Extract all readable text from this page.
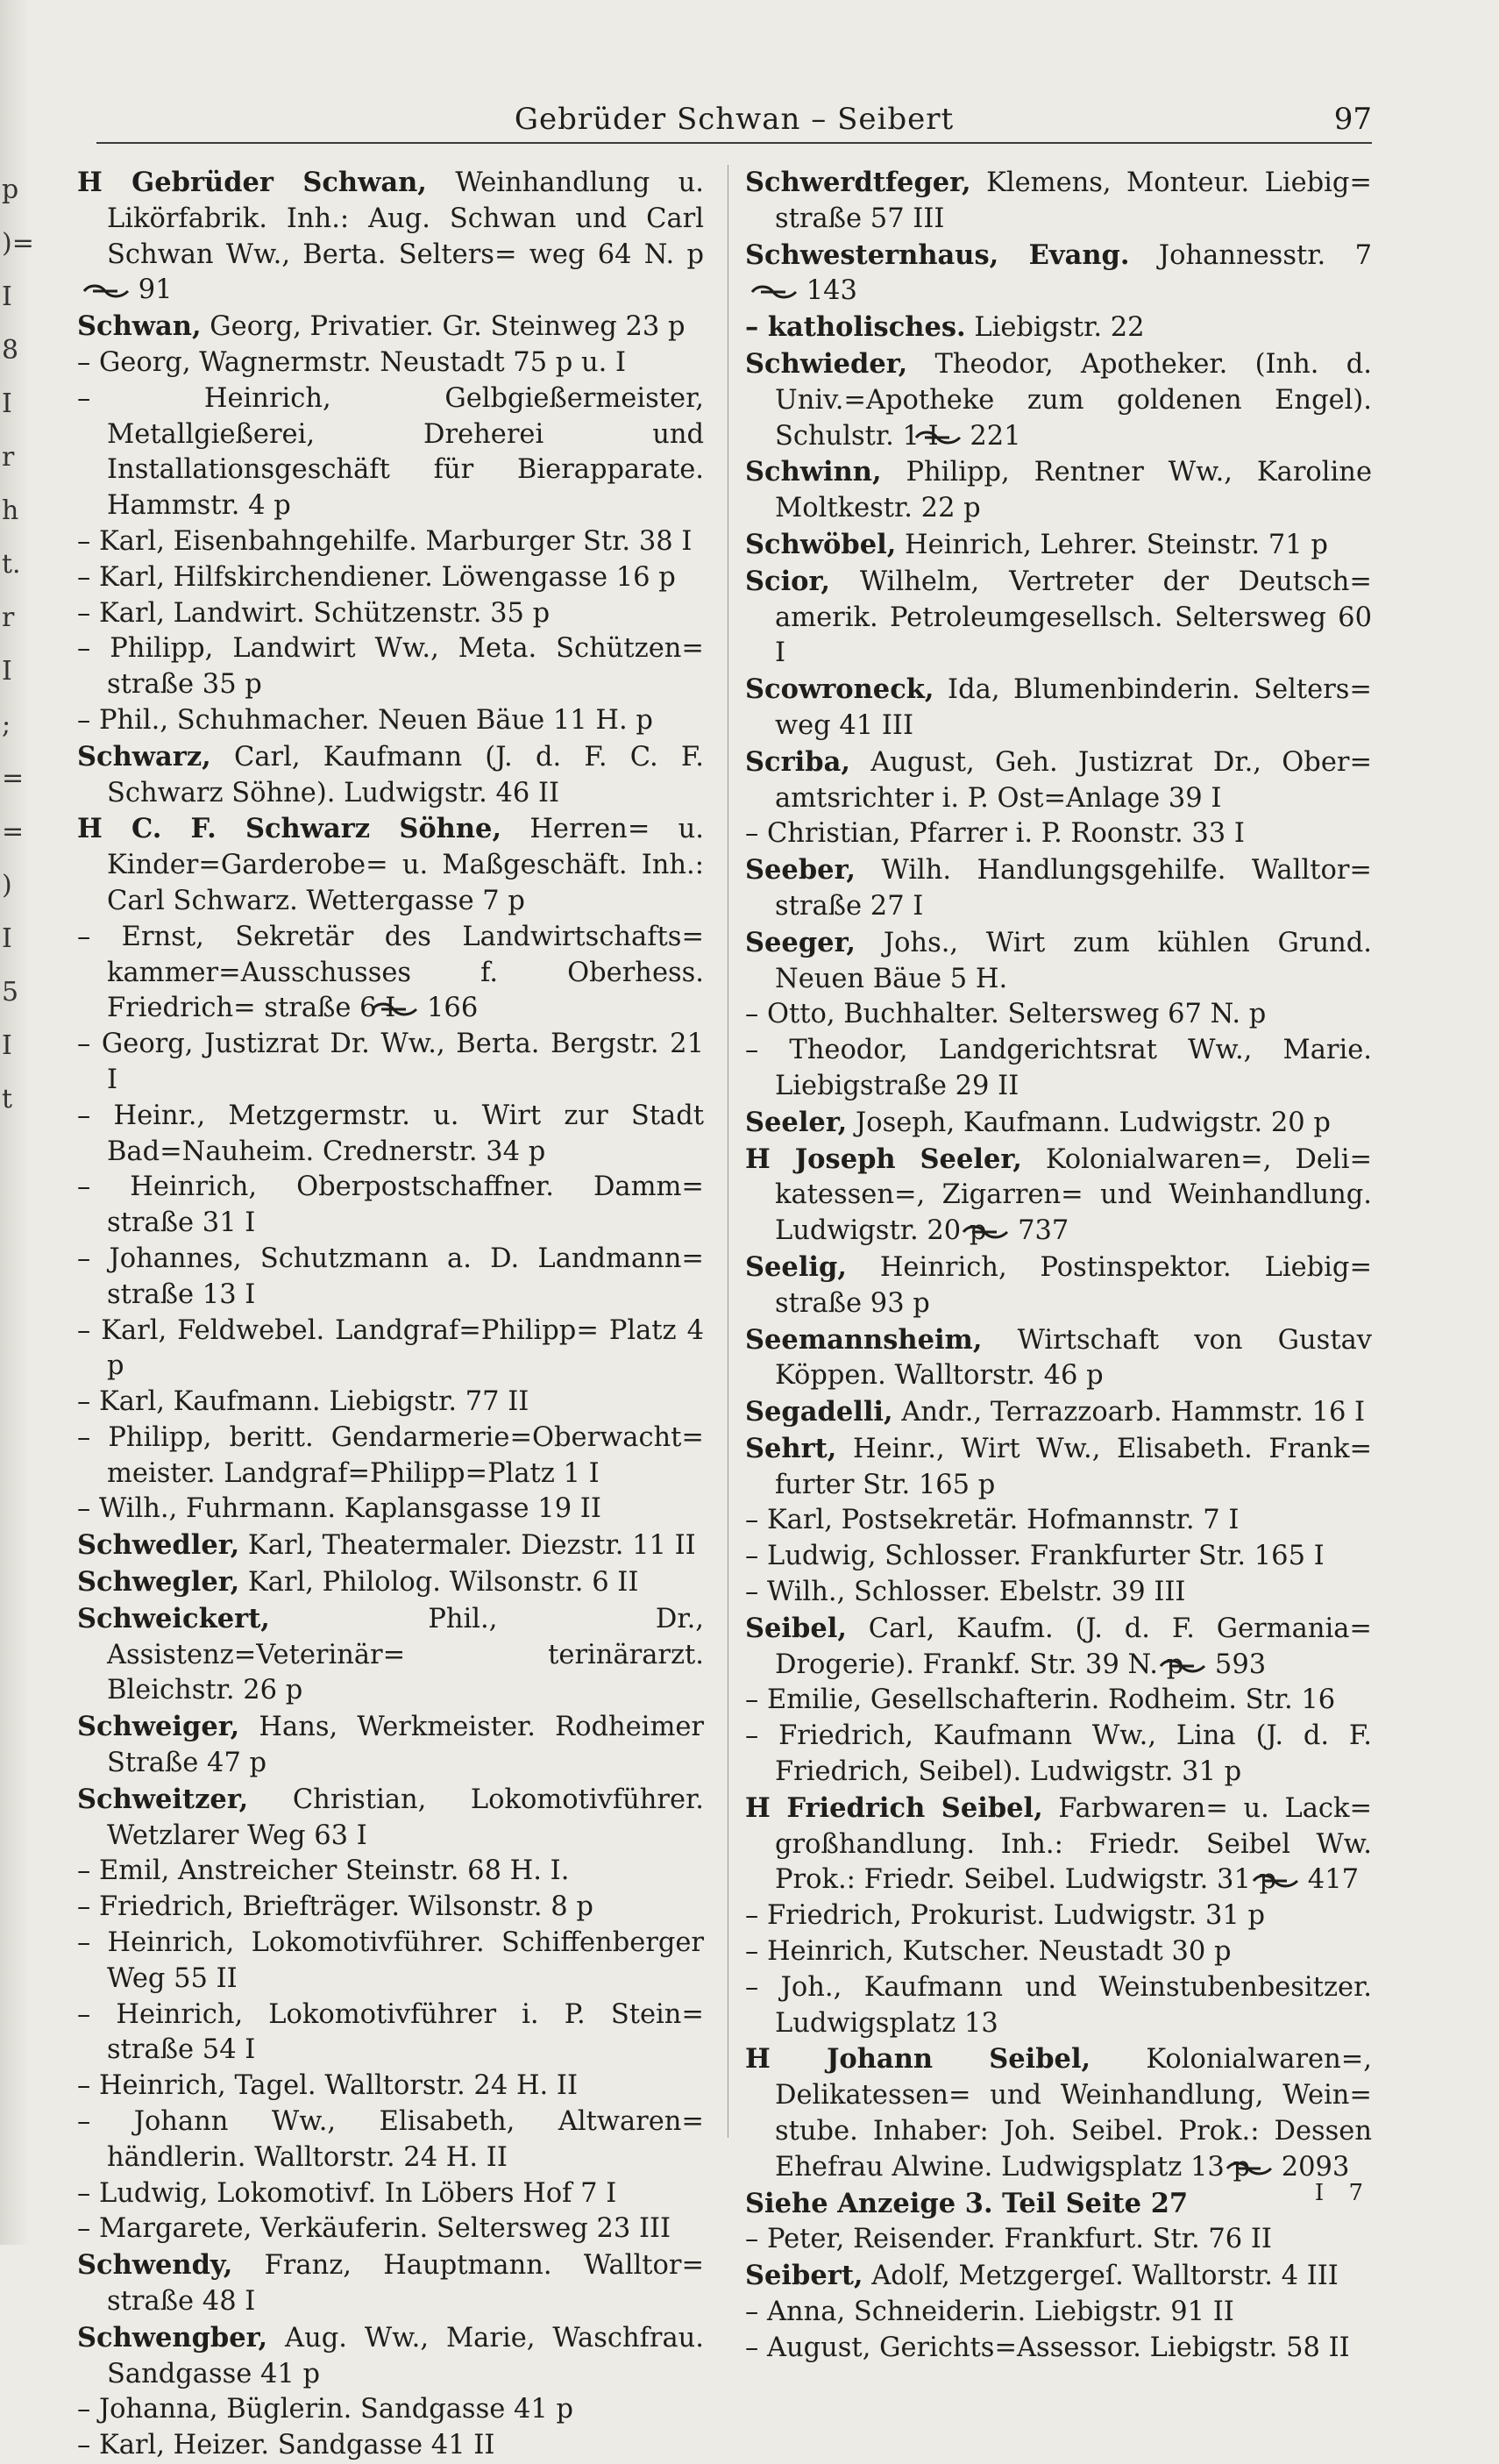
p
)=
I
8
I
r
h
t.
r
I
;
=
=
)
I
5
I
t
Gebrüder Schwan – Seibert	97

H Gebrüder Schwan, Weinhandlung u. Likörfabrik. Inh.: Aug. Schwan und Carl Schwan Ww., Berta. Selters= weg 64 N. p 91

Schwan, Georg, Privatier. Gr. Steinweg 23 p

– Georg, Wagnermstr. Neustadt 75 p u. I

– Heinrich, Gelbgießermeister, Metallgießerei, Dreherei und Installationsgeschäft für Bierapparate. Hammstr. 4 p

– Karl, Eisenbahngehilfe. Marburger Str. 38 I

– Karl, Hilfskirchendiener. Löwengasse 16 p

– Karl, Landwirt. Schützenstr. 35 p

– Philipp, Landwirt Ww., Meta. Schützen= straße 35 p

– Phil., Schuhmacher. Neuen Bäue 11 H. p

Schwarz, Carl, Kaufmann (J. d. F. C. F. Schwarz Söhne). Ludwigstr. 46 II

H C. F. Schwarz Söhne, Herren= u. Kinder=Garderobe= u. Maßgeschäft. Inh.: Carl Schwarz. Wettergasse 7 p

– Ernst, Sekretär des Landwirtschafts= kammer=Ausschusses f. Oberhess. Friedrich= straße 6 I 166

– Georg, Justizrat Dr. Ww., Berta. Bergstr. 21 I

– Heinr., Metzgermstr. u. Wirt zur Stadt Bad=Nauheim. Crednerstr. 34 p

– Heinrich, Oberpostschaffner. Damm= straße 31 I

– Johannes, Schutzmann a. D. Landmann= straße 13 I

– Karl, Feldwebel. Landgraf=Philipp= Platz 4 p

– Karl, Kaufmann. Liebigstr. 77 II

– Philipp, beritt. Gendarmerie=Oberwacht= meister. Landgraf=Philipp=Platz 1 I

– Wilh., Fuhrmann. Kaplansgasse 19 II

Schwedler, Karl, Theatermaler. Diezstr. 11 II

Schwegler, Karl, Philolog. Wilsonstr. 6 II

Schweickert, Phil., Dr., Assistenz=Veterinär= terinärarzt. Bleichstr. 26 p

Schweiger, Hans, Werkmeister. Rodheimer Straße 47 p

Schweitzer, Christian, Lokomotivführer. Wetzlarer Weg 63 I

– Emil, Anstreicher Steinstr. 68 H. I.

– Friedrich, Briefträger. Wilsonstr. 8 p

– Heinrich, Lokomotivführer. Schiffenberger Weg 55 II

– Heinrich, Lokomotivführer i. P. Stein= straße 54 I

– Heinrich, Tagel. Walltorstr. 24 H. II

– Johann Ww., Elisabeth, Altwaren= händlerin. Walltorstr. 24 H. II

– Ludwig, Lokomotivf. In Löbers Hof 7 I

– Margarete, Verkäuferin. Seltersweg 23 III

Schwendy, Franz, Hauptmann. Walltor= straße 48 I

Schwengber, Aug. Ww., Marie, Waschfrau. Sandgasse 41 p

– Johanna, Büglerin. Sandgasse 41 p

– Karl, Heizer. Sandgasse 41 II

Schwerdtfeger, Klemens, Monteur. Liebig= straße 57 III

Schwesternhaus, Evang. Johannesstr. 7 143

– katholisches. Liebigstr. 22

Schwieder, Theodor, Apotheker. (Inh. d. Univ.=Apotheke zum goldenen Engel). Schulstr. 1 I 221

Schwinn, Philipp, Rentner Ww., Karoline Moltkestr. 22 p

Schwöbel, Heinrich, Lehrer. Steinstr. 71 p

Scior, Wilhelm, Vertreter der Deutsch= amerik. Petroleumgesellsch. Seltersweg 60 I

Scowroneck, Ida, Blumenbinderin. Selters= weg 41 III

Scriba, August, Geh. Justizrat Dr., Ober= amtsrichter i. P. Ost=Anlage 39 I

– Christian, Pfarrer i. P. Roonstr. 33 I

Seeber, Wilh. Handlungsgehilfe. Walltor= straße 27 I

Seeger, Johs., Wirt zum kühlen Grund. Neuen Bäue 5 H.

– Otto, Buchhalter. Seltersweg 67 N. p

– Theodor, Landgerichtsrat Ww., Marie. Liebigstraße 29 II

Seeler, Joseph, Kaufmann. Ludwigstr. 20 p

H Joseph Seeler, Kolonialwaren=, Deli= katessen=, Zigarren= und Weinhandlung. Ludwigstr. 20 p 737

Seelig, Heinrich, Postinspektor. Liebig= straße 93 p

Seemannsheim, Wirtschaft von Gustav Köppen. Walltorstr. 46 p

Segadelli, Andr., Terrazzoarb. Hammstr. 16 I

Sehrt, Heinr., Wirt Ww., Elisabeth. Frank= furter Str. 165 p

– Karl, Postsekretär. Hofmannstr. 7 I

– Ludwig, Schlosser. Frankfurter Str. 165 I

– Wilh., Schlosser. Ebelstr. 39 III

Seibel, Carl, Kaufm. (J. d. F. Germania= Drogerie). Frankf. Str. 39 N. p 593

– Emilie, Gesellschafterin. Rodheim. Str. 16

– Friedrich, Kaufmann Ww., Lina (J. d. F. Friedrich, Seibel). Ludwigstr. 31 p

H Friedrich Seibel, Farbwaren= u. Lack= großhandlung. Inh.: Friedr. Seibel Ww. Prok.: Friedr. Seibel. Ludwigstr. 31 p 417

– Friedrich, Prokurist. Ludwigstr. 31 p

– Heinrich, Kutscher. Neustadt 30 p

– Joh., Kaufmann und Weinstubenbesitzer. Ludwigsplatz 13

H Johann Seibel, Kolonialwaren=, Delikatessen= und Weinhandlung, Wein= stube. Inhaber: Joh. Seibel. Prok.: Dessen Ehefrau Alwine. Ludwigsplatz 13 p 2093

Siehe Anzeige 3. Teil Seite 27

– Peter, Reisender. Frankfurt. Str. 76 II

Seibert, Adolf, Metzgergeſ. Walltorstr. 4 III

– Anna, Schneiderin. Liebigstr. 91 II

– August, Gerichts=Assessor. Liebigstr. 58 II

I 7
